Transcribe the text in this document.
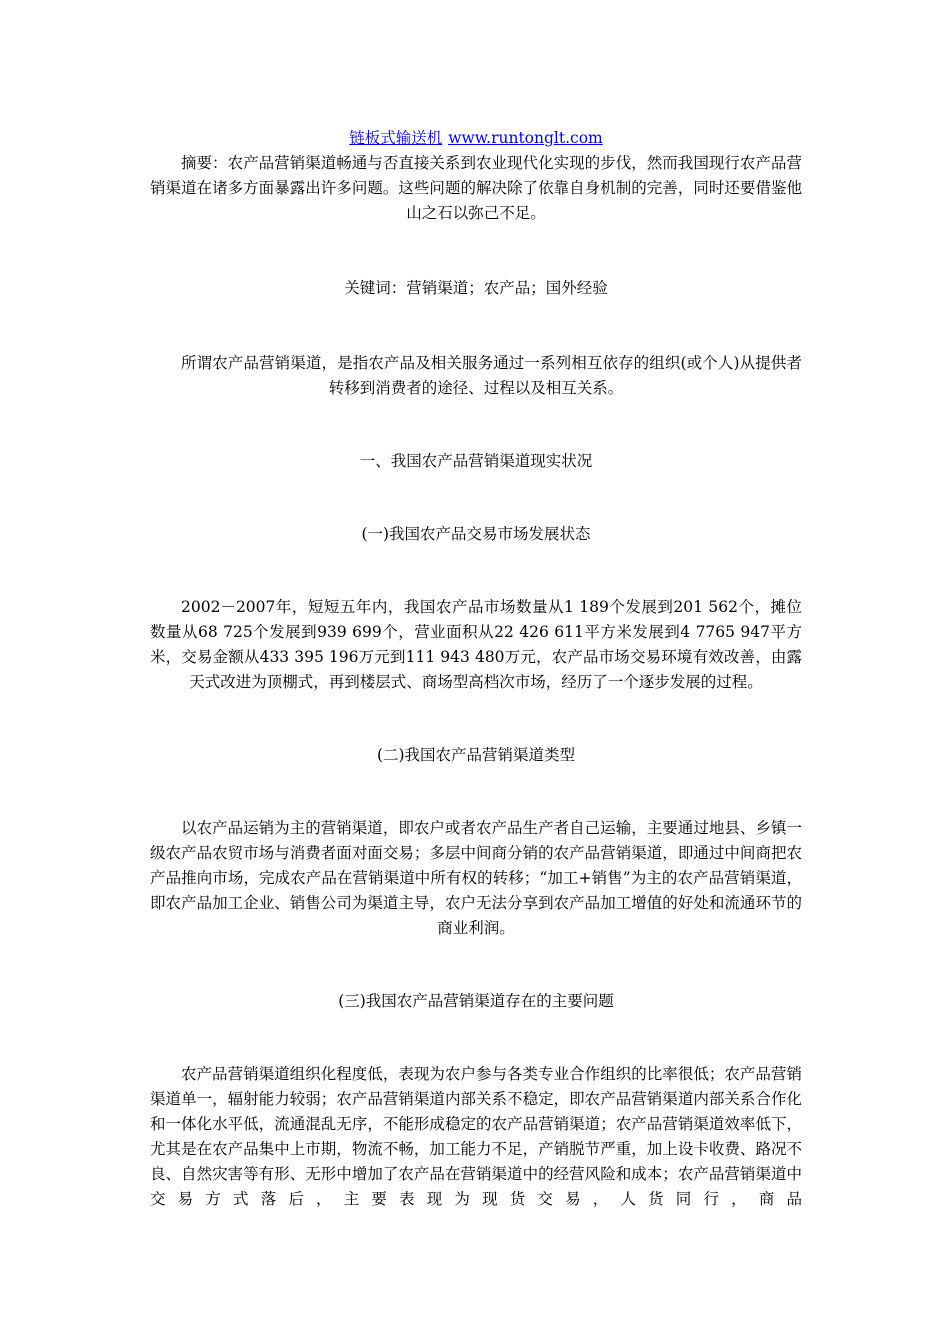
链板式输送机 www.runtonglt.com

摘要：农产品营销渠道畅通与否直接关系到农业现代化实现的步伐，然而我国现行农产品营销渠道在诸多方面暴露出许多问题。这些问题的解决除了依靠自身机制的完善，同时还要借鉴他山之石以弥己不足。

关键词：营销渠道；农产品；国外经验

所谓农产品营销渠道，是指农产品及相关服务通过一系列相互依存的组织(或个人)从提供者转移到消费者的途径、过程以及相互关系。

一、我国农产品营销渠道现实状况

(一)我国农产品交易市场发展状态

2002－2007年，短短五年内，我国农产品市场数量从1 189个发展到201 562个，摊位数量从68 725个发展到939 699个，营业面积从22 426 611平方米发展到4 7765 947平方米，交易金额从433 395 196万元到111 943 480万元，农产品市场交易环境有效改善，由露天式改进为顶棚式，再到楼层式、商场型高档次市场，经历了一个逐步发展的过程。

(二)我国农产品营销渠道类型

以农产品运销为主的营销渠道，即农户或者农产品生产者自己运输，主要通过地县、乡镇一级农产品农贸市场与消费者面对面交易；多层中间商分销的农产品营销渠道，即通过中间商把农产品推向市场，完成农产品在营销渠道中所有权的转移；“加工+销售”为主的农产品营销渠道，即农产品加工企业、销售公司为渠道主导，农户无法分享到农产品加工增值的好处和流通环节的商业利润。

(三)我国农产品营销渠道存在的主要问题

农产品营销渠道组织化程度低，表现为农户参与各类专业合作组织的比率很低；农产品营销渠道单一，辐射能力较弱；农产品营销渠道内部关系不稳定，即农产品营销渠道内部关系合作化和一体化水平低，流通混乱无序，不能形成稳定的农产品营销渠道；农产品营销渠道效率低下，尤其是在农产品集中上市期，物流不畅，加工能力不足，产销脱节严重，加上设卡收费、路况不良、自然灾害等有形、无形中增加了农产品在营销渠道中的经营风险和成本；农产品营销渠道中交易方式落后，主要表现为现货交易，人货同行，商品
